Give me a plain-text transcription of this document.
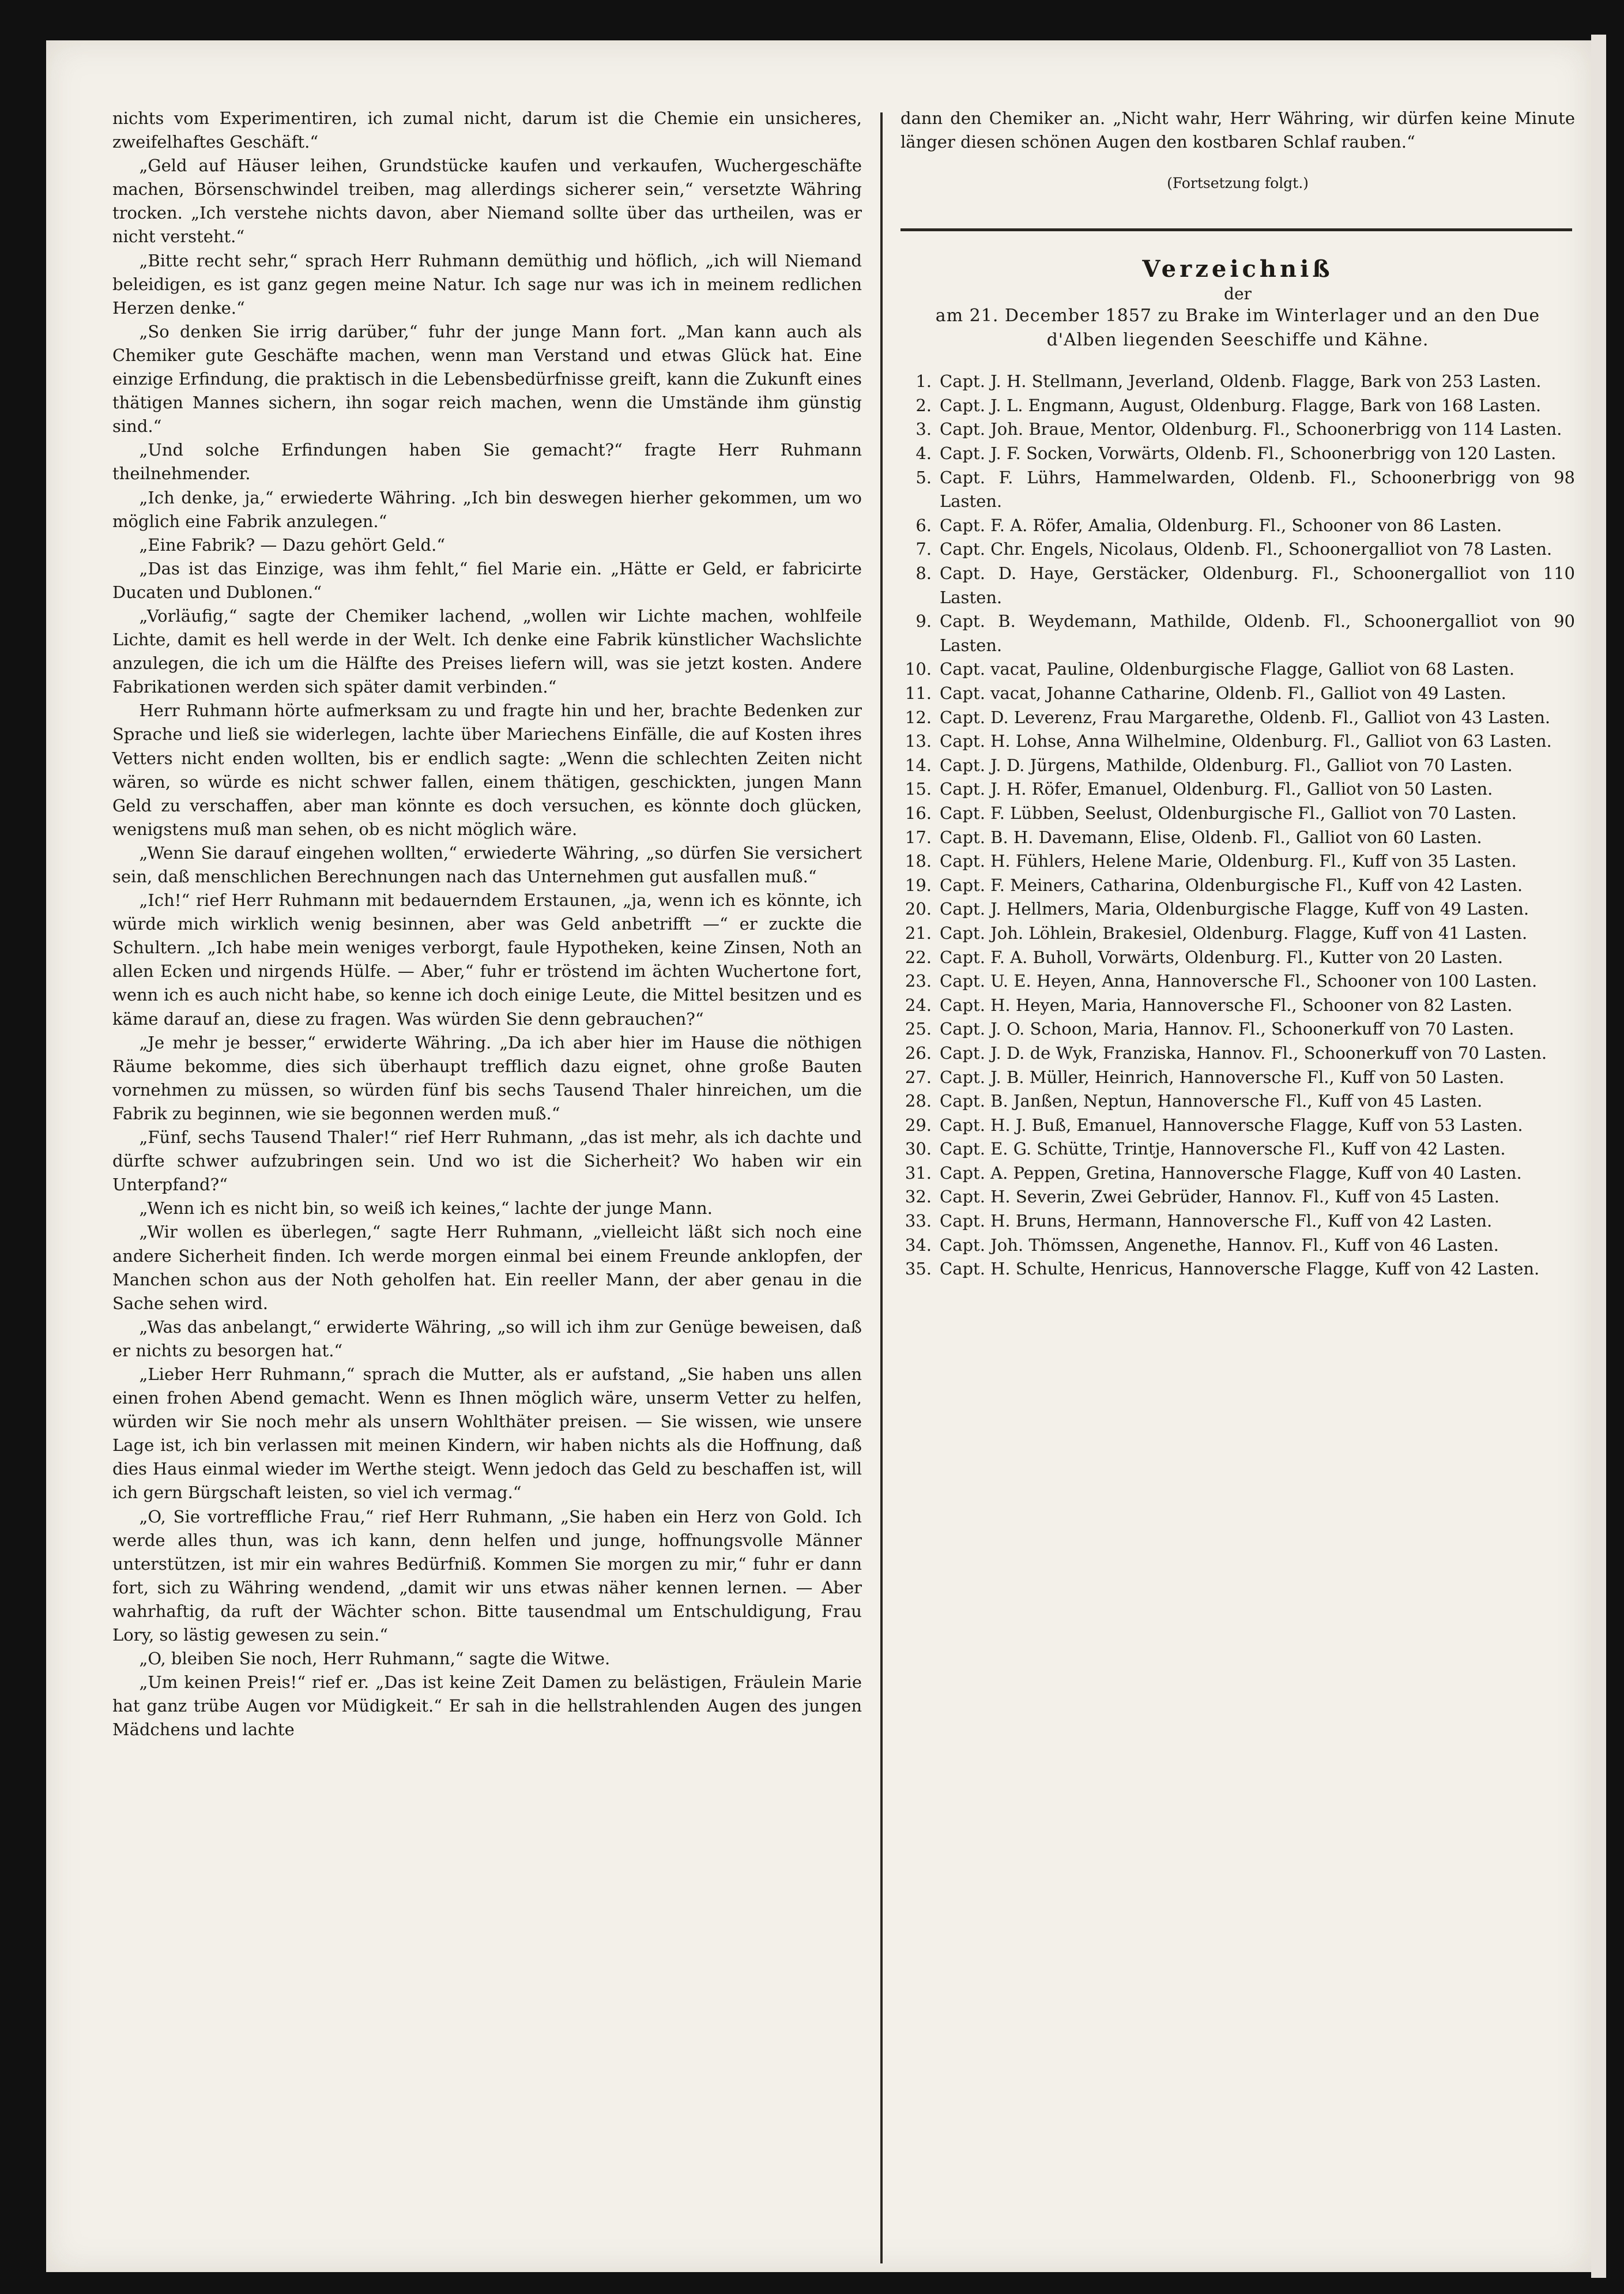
nichts vom Experimentiren, ich zumal nicht, darum ist die Chemie ein unsicheres, zweifelhaftes Geschäft.“

„Geld auf Häuser leihen, Grundstücke kaufen und verkaufen, Wuchergeschäfte machen, Börsenschwindel treiben, mag allerdings sicherer sein,“ versetzte Währing trocken. „Ich verstehe nichts davon, aber Niemand sollte über das urtheilen, was er nicht versteht.“

„Bitte recht sehr,“ sprach Herr Ruhmann demüthig und höflich, „ich will Niemand beleidigen, es ist ganz gegen meine Natur. Ich sage nur was ich in meinem redlichen Herzen denke.“

„So denken Sie irrig darüber,“ fuhr der junge Mann fort. „Man kann auch als Chemiker gute Geschäfte machen, wenn man Verstand und etwas Glück hat. Eine einzige Erfindung, die praktisch in die Lebensbedürfnisse greift, kann die Zukunft eines thätigen Mannes sichern, ihn sogar reich machen, wenn die Umstände ihm günstig sind.“

„Und solche Erfindungen haben Sie gemacht?“ fragte Herr Ruhmann theilnehmender.

„Ich denke, ja,“ erwiederte Währing. „Ich bin deswegen hierher gekommen, um wo möglich eine Fabrik anzulegen.“

„Eine Fabrik? — Dazu gehört Geld.“

„Das ist das Einzige, was ihm fehlt,“ fiel Marie ein. „Hätte er Geld, er fabricirte Ducaten und Dublonen.“

„Vorläufig,“ sagte der Chemiker lachend, „wollen wir Lichte machen, wohlfeile Lichte, damit es hell werde in der Welt. Ich denke eine Fabrik künstlicher Wachslichte anzulegen, die ich um die Hälfte des Preises liefern will, was sie jetzt kosten. Andere Fabrikationen werden sich später damit verbinden.“

Herr Ruhmann hörte aufmerksam zu und fragte hin und her, brachte Bedenken zur Sprache und ließ sie widerlegen, lachte über Mariechens Einfälle, die auf Kosten ihres Vetters nicht enden wollten, bis er endlich sagte: „Wenn die schlechten Zeiten nicht wären, so würde es nicht schwer fallen, einem thätigen, geschickten, jungen Mann Geld zu verschaffen, aber man könnte es doch versuchen, es könnte doch glücken, wenigstens muß man sehen, ob es nicht möglich wäre.

„Wenn Sie darauf eingehen wollten,“ erwiederte Währing, „so dürfen Sie versichert sein, daß menschlichen Berechnungen nach das Unternehmen gut ausfallen muß.“

„Ich!“ rief Herr Ruhmann mit bedauerndem Erstaunen, „ja, wenn ich es könnte, ich würde mich wirklich wenig besinnen, aber was Geld anbetrifft —“ er zuckte die Schultern. „Ich habe mein weniges verborgt, faule Hypotheken, keine Zinsen, Noth an allen Ecken und nirgends Hülfe. — Aber,“ fuhr er tröstend im ächten Wuchertone fort, wenn ich es auch nicht habe, so kenne ich doch einige Leute, die Mittel besitzen und es käme darauf an, diese zu fragen. Was würden Sie denn gebrauchen?“

„Je mehr je besser,“ erwiderte Währing. „Da ich aber hier im Hause die nöthigen Räume bekomme, dies sich überhaupt trefflich dazu eignet, ohne große Bauten vornehmen zu müssen, so würden fünf bis sechs Tausend Thaler hinreichen, um die Fabrik zu beginnen, wie sie begonnen werden muß.“

„Fünf, sechs Tausend Thaler!“ rief Herr Ruhmann, „das ist mehr, als ich dachte und dürfte schwer aufzubringen sein. Und wo ist die Sicherheit? Wo haben wir ein Unterpfand?“

„Wenn ich es nicht bin, so weiß ich keines,“ lachte der junge Mann.

„Wir wollen es überlegen,“ sagte Herr Ruhmann, „vielleicht läßt sich noch eine andere Sicherheit finden. Ich werde morgen einmal bei einem Freunde anklopfen, der Manchen schon aus der Noth geholfen hat. Ein reeller Mann, der aber genau in die Sache sehen wird.

„Was das anbelangt,“ erwiderte Währing, „so will ich ihm zur Genüge beweisen, daß er nichts zu besorgen hat.“

„Lieber Herr Ruhmann,“ sprach die Mutter, als er aufstand, „Sie haben uns allen einen frohen Abend gemacht. Wenn es Ihnen möglich wäre, unserm Vetter zu helfen, würden wir Sie noch mehr als unsern Wohlthäter preisen. — Sie wissen, wie unsere Lage ist, ich bin verlassen mit meinen Kindern, wir haben nichts als die Hoffnung, daß dies Haus einmal wieder im Werthe steigt. Wenn jedoch das Geld zu beschaffen ist, will ich gern Bürgschaft leisten, so viel ich vermag.“

„O, Sie vortreffliche Frau,“ rief Herr Ruhmann, „Sie haben ein Herz von Gold. Ich werde alles thun, was ich kann, denn helfen und junge, hoffnungsvolle Männer unterstützen, ist mir ein wahres Bedürfniß. Kommen Sie morgen zu mir,“ fuhr er dann fort, sich zu Währing wendend, „damit wir uns etwas näher kennen lernen. — Aber wahrhaftig, da ruft der Wächter schon. Bitte tausendmal um Entschuldigung, Frau Lory, so lästig gewesen zu sein.“

„O, bleiben Sie noch, Herr Ruhmann,“ sagte die Witwe.

„Um keinen Preis!“ rief er. „Das ist keine Zeit Damen zu belästigen, Fräulein Marie hat ganz trübe Augen vor Müdigkeit.“ Er sah in die hellstrahlenden Augen des jungen Mädchens und lachte

dann den Chemiker an. „Nicht wahr, Herr Währing, wir dürfen keine Minute länger diesen schönen Augen den kostbaren Schlaf rauben.“

(Fortsetzung folgt.)
Verzeichniß
der
am 21. December 1857 zu Brake im Winterlager und an den Due d'Alben liegenden Seeschiffe und Kähne.
1. Capt. J. H. Stellmann, Jeverland, Oldenb. Flagge, Bark von 253 Lasten.
2. Capt. J. L. Engmann, August, Oldenburg. Flagge, Bark von 168 Lasten.
3. Capt. Joh. Braue, Mentor, Oldenburg. Fl., Schoonerbrigg von 114 Lasten.
4. Capt. J. F. Socken, Vorwärts, Oldenb. Fl., Schoonerbrigg von 120 Lasten.
5. Capt. F. Lührs, Hammelwarden, Oldenb. Fl., Schoonerbrigg von 98 Lasten.
6. Capt. F. A. Röfer, Amalia, Oldenburg. Fl., Schooner von 86 Lasten.
7. Capt. Chr. Engels, Nicolaus, Oldenb. Fl., Schoonergalliot von 78 Lasten.
8. Capt. D. Haye, Gerstäcker, Oldenburg. Fl., Schoonergalliot von 110 Lasten.
9. Capt. B. Weydemann, Mathilde, Oldenb. Fl., Schoonergalliot von 90 Lasten.
10. Capt. vacat, Pauline, Oldenburgische Flagge, Galliot von 68 Lasten.
11. Capt. vacat, Johanne Catharine, Oldenb. Fl., Galliot von 49 Lasten.
12. Capt. D. Leverenz, Frau Margarethe, Oldenb. Fl., Galliot von 43 Lasten.
13. Capt. H. Lohse, Anna Wilhelmine, Oldenburg. Fl., Galliot von 63 Lasten.
14. Capt. J. D. Jürgens, Mathilde, Oldenburg. Fl., Galliot von 70 Lasten.
15. Capt. J. H. Röfer, Emanuel, Oldenburg. Fl., Galliot von 50 Lasten.
16. Capt. F. Lübben, Seelust, Oldenburgische Fl., Galliot von 70 Lasten.
17. Capt. B. H. Davemann, Elise, Oldenb. Fl., Galliot von 60 Lasten.
18. Capt. H. Fühlers, Helene Marie, Oldenburg. Fl., Kuff von 35 Lasten.
19. Capt. F. Meiners, Catharina, Oldenburgische Fl., Kuff von 42 Lasten.
20. Capt. J. Hellmers, Maria, Oldenburgische Flagge, Kuff von 49 Lasten.
21. Capt. Joh. Löhlein, Brakesiel, Oldenburg. Flagge, Kuff von 41 Lasten.
22. Capt. F. A. Buholl, Vorwärts, Oldenburg. Fl., Kutter von 20 Lasten.
23. Capt. U. E. Heyen, Anna, Hannoversche Fl., Schooner von 100 Lasten.
24. Capt. H. Heyen, Maria, Hannoversche Fl., Schooner von 82 Lasten.
25. Capt. J. O. Schoon, Maria, Hannov. Fl., Schoonerkuff von 70 Lasten.
26. Capt. J. D. de Wyk, Franziska, Hannov. Fl., Schoonerkuff von 70 Lasten.
27. Capt. J. B. Müller, Heinrich, Hannoversche Fl., Kuff von 50 Lasten.
28. Capt. B. Janßen, Neptun, Hannoversche Fl., Kuff von 45 Lasten.
29. Capt. H. J. Buß, Emanuel, Hannoversche Flagge, Kuff von 53 Lasten.
30. Capt. E. G. Schütte, Trintje, Hannoversche Fl., Kuff von 42 Lasten.
31. Capt. A. Peppen, Gretina, Hannoversche Flagge, Kuff von 40 Lasten.
32. Capt. H. Severin, Zwei Gebrüder, Hannov. Fl., Kuff von 45 Lasten.
33. Capt. H. Bruns, Hermann, Hannoversche Fl., Kuff von 42 Lasten.
34. Capt. Joh. Thömssen, Angenethe, Hannov. Fl., Kuff von 46 Lasten.
35. Capt. H. Schulte, Henricus, Hannoversche Flagge, Kuff von 42 Lasten.
